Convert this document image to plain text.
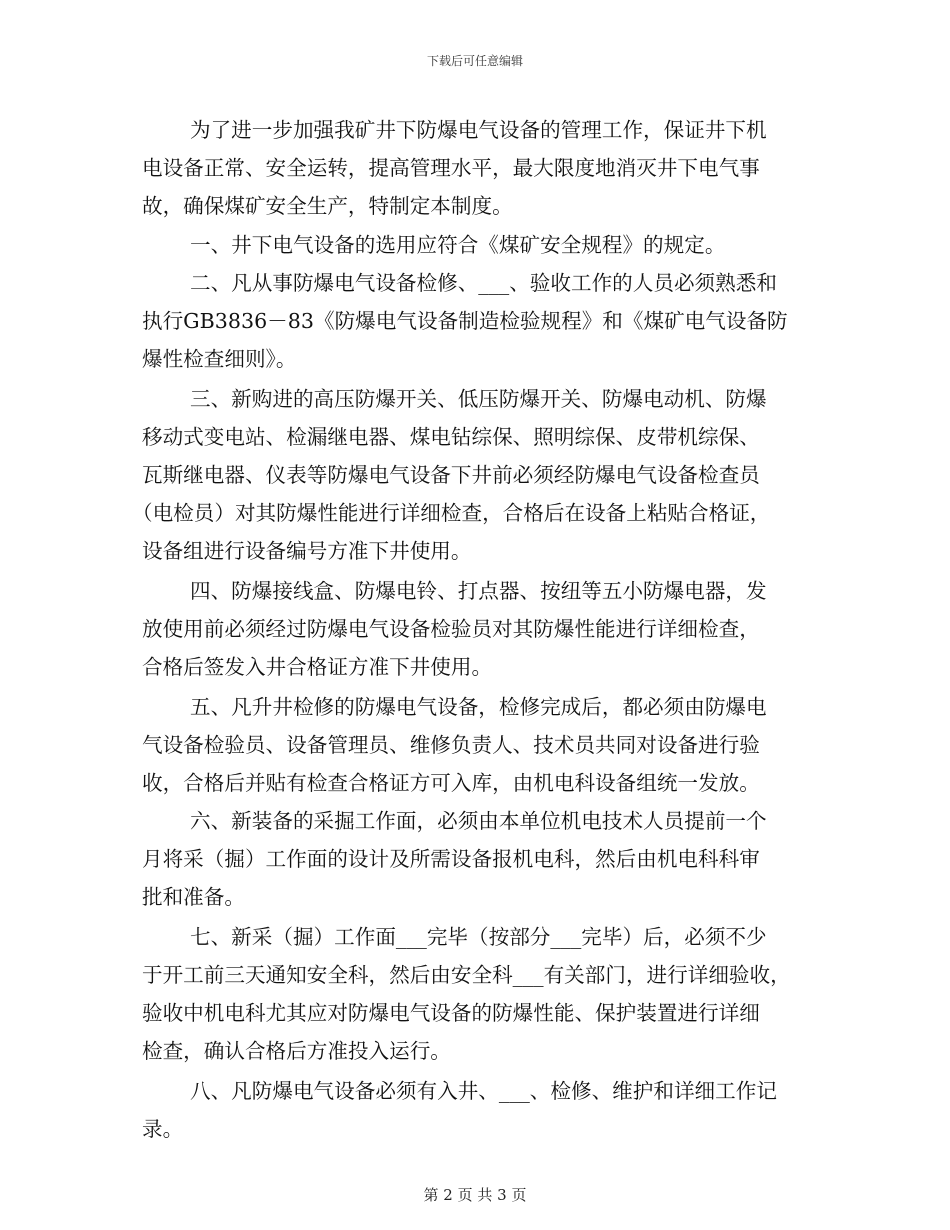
下载后可任意编辑
为了进一步加强我矿井下防爆电气设备的管理工作，保证井下机
电设备正常、安全运转，提高管理水平，最大限度地消灭井下电气事
故，确保煤矿安全生产，特制定本制度。
一、井下电气设备的选用应符合《煤矿安全规程》的规定。
二、凡从事防爆电气设备检修、___、验收工作的人员必须熟悉和
执行GB3836－83《防爆电气设备制造检验规程》和《煤矿电气设备防
爆性检查细则》。
三、新购进的高压防爆开关、低压防爆开关、防爆电动机、防爆
移动式变电站、检漏继电器、煤电钻综保、照明综保、皮带机综保、
瓦斯继电器、仪表等防爆电气设备下井前必须经防爆电气设备检查员
（电检员）对其防爆性能进行详细检查，合格后在设备上粘贴合格证，
设备组进行设备编号方准下井使用。
四、防爆接线盒、防爆电铃、打点器、按纽等五小防爆电器，发
放使用前必须经过防爆电气设备检验员对其防爆性能进行详细检查，
合格后签发入井合格证方准下井使用。
五、凡升井检修的防爆电气设备，检修完成后，都必须由防爆电
气设备检验员、设备管理员、维修负责人、技术员共同对设备进行验
收，合格后并贴有检查合格证方可入库，由机电科设备组统一发放。
六、新装备的采掘工作面，必须由本单位机电技术人员提前一个
月将采（掘）工作面的设计及所需设备报机电科，然后由机电科科审
批和准备。
七、新采（掘）工作面___完毕（按部分___完毕）后，必须不少
于开工前三天通知安全科，然后由安全科___有关部门，进行详细验收，
验收中机电科尤其应对防爆电气设备的防爆性能、保护装置进行详细
检查，确认合格后方准投入运行。
八、凡防爆电气设备必须有入井、___、检修、维护和详细工作记
录。
第 2 页 共 3 页
